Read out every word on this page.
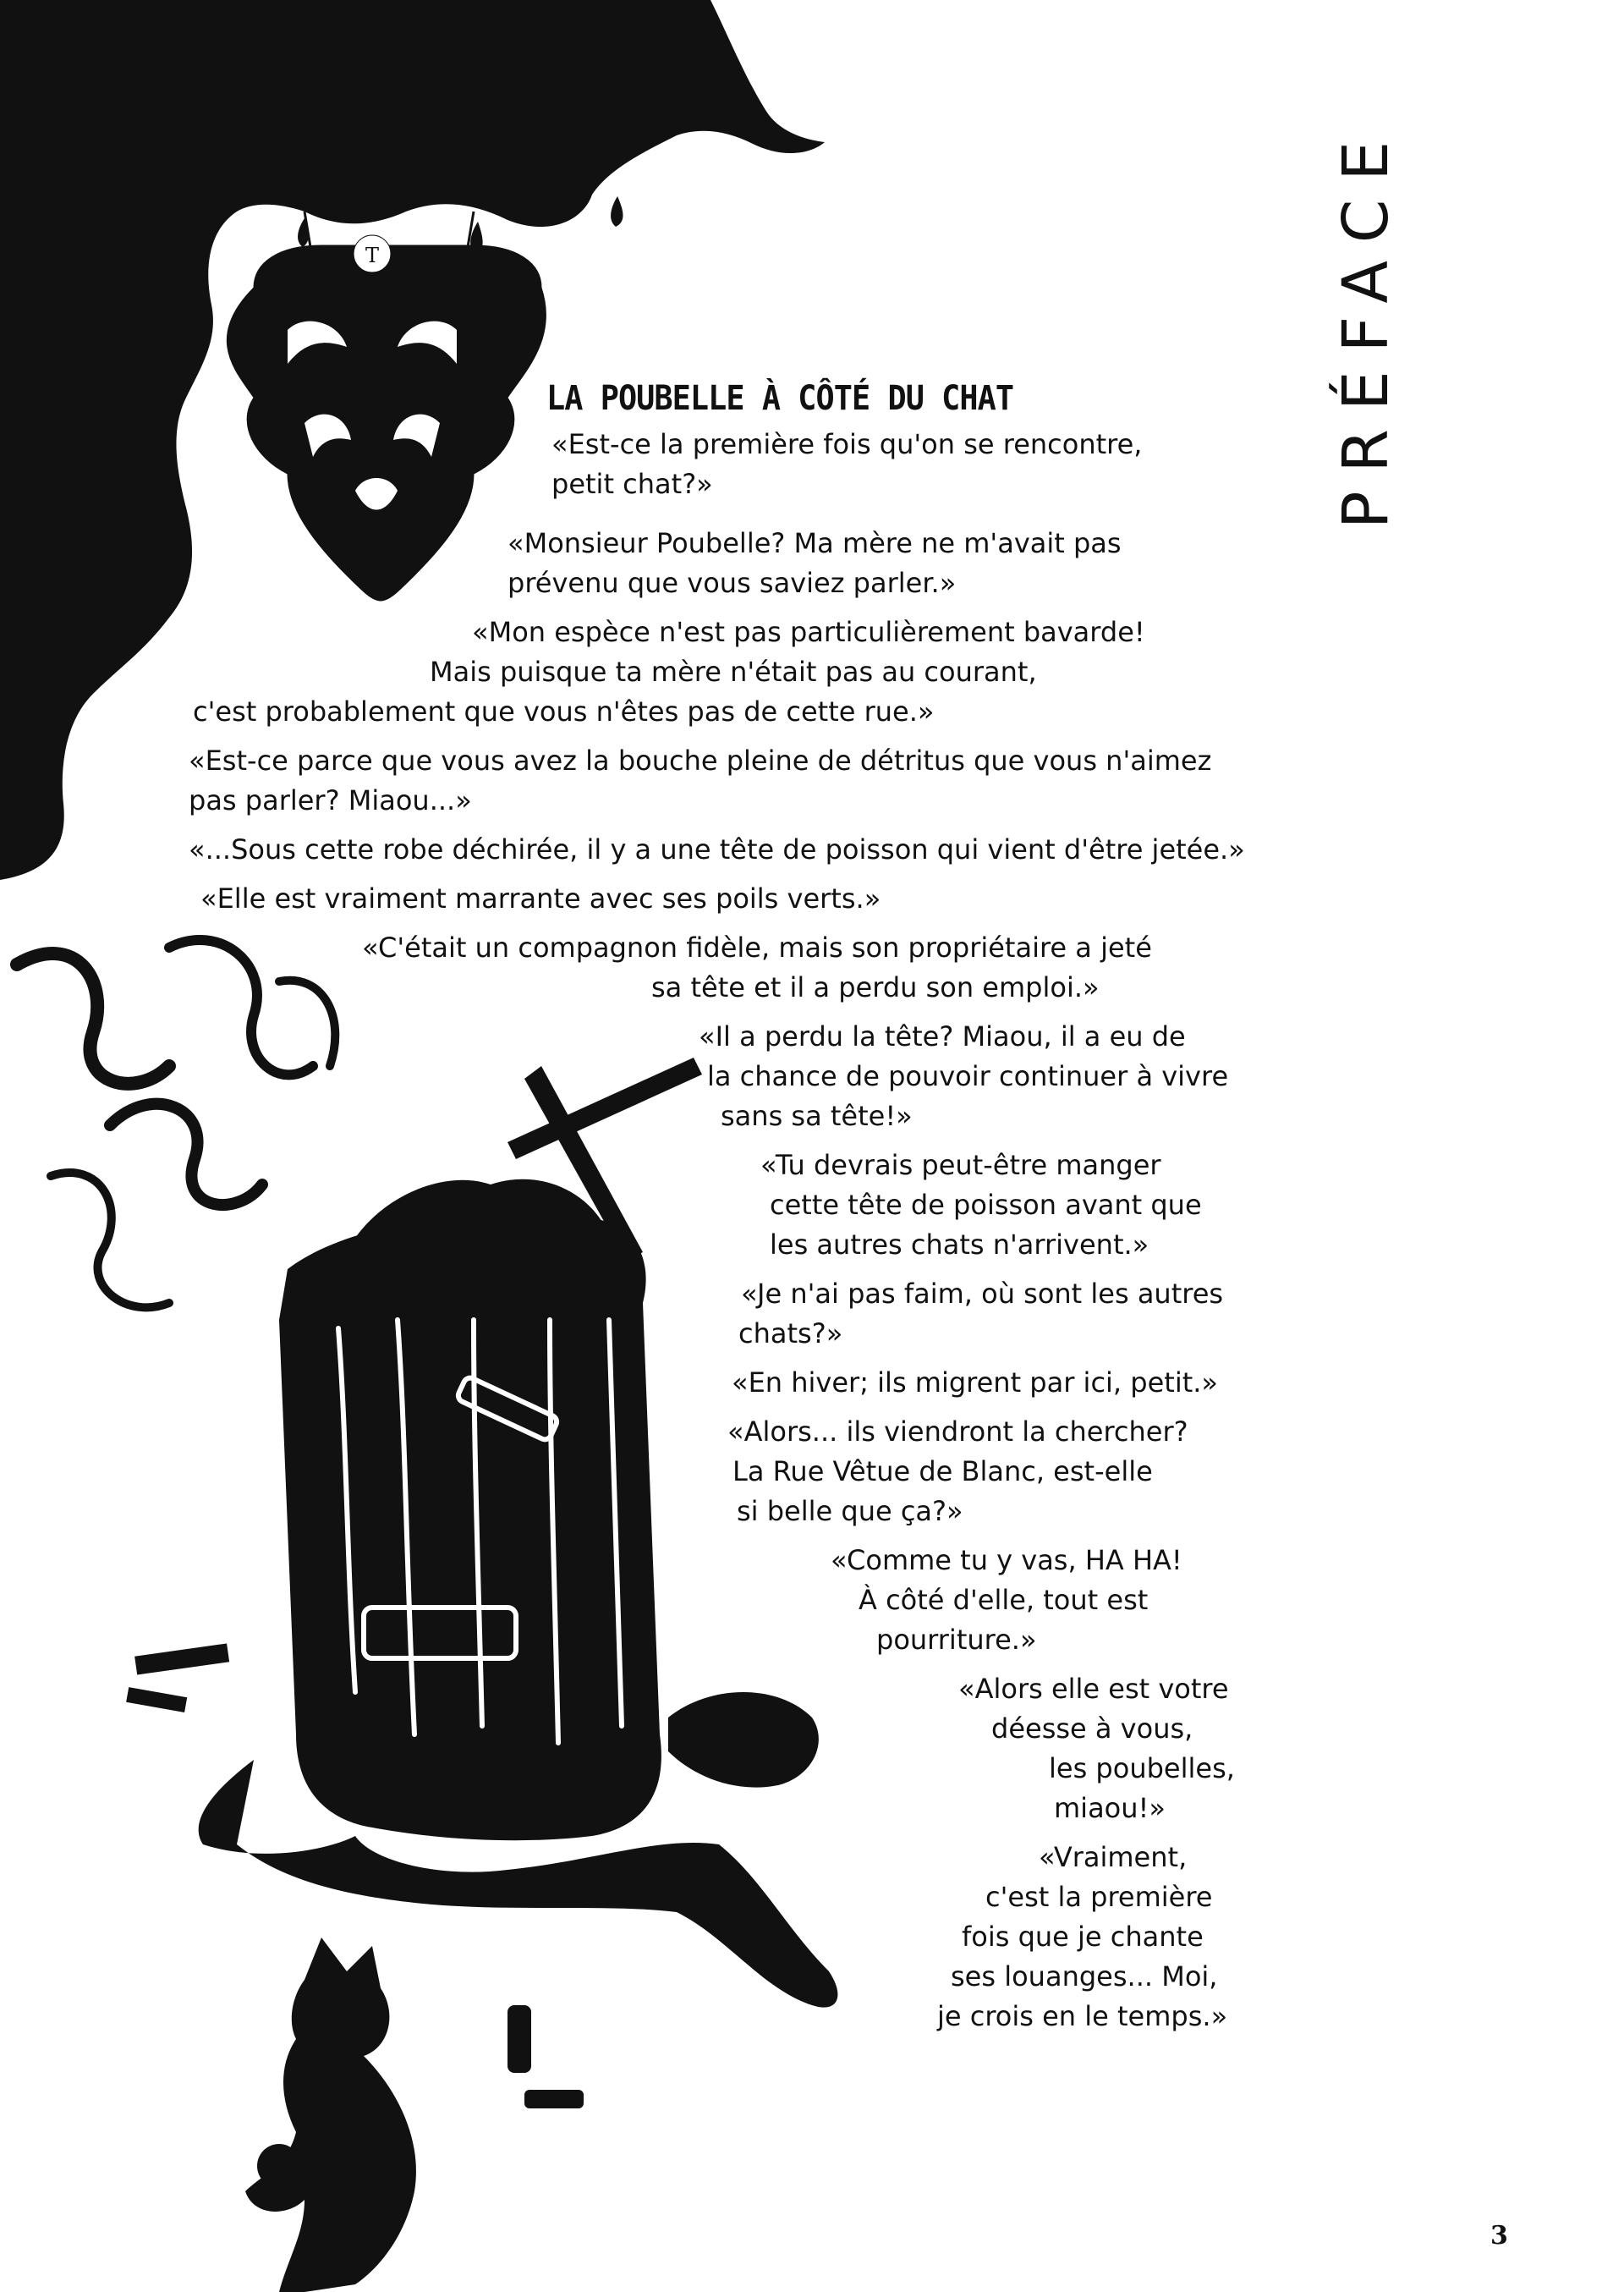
T	PRÉFACE
LA POUBELLE À CÔTÉ DU CHAT

«Est-ce la première fois qu'on se rencontre,

petit chat?»

«Monsieur Poubelle? Ma mère ne m'avait pas

prévenu que vous saviez parler.»

«Mon espèce n'est pas particulièrement bavarde!

Mais puisque ta mère n'était pas au courant,

c'est probablement que vous n'êtes pas de cette rue.»

«Est-ce parce que vous avez la bouche pleine de détritus que vous n'aimez

pas parler? Miaou...»

«...Sous cette robe déchirée, il y a une tête de poisson qui vient d'être jetée.»

«Elle est vraiment marrante avec ses poils verts.»

«C'était un compagnon fidèle, mais son propriétaire a jeté

sa tête et il a perdu son emploi.»

«Il a perdu la tête? Miaou, il a eu de

la chance de pouvoir continuer à vivre

sans sa tête!»

«Tu devrais peut-être manger

cette tête de poisson avant que

les autres chats n'arrivent.»

«Je n'ai pas faim, où sont les autres

chats?»

«En hiver; ils migrent par ici, petit.»

«Alors... ils viendront la chercher?

La Rue Vêtue de Blanc, est-elle

si belle que ça?»

«Comme tu y vas, HA HA!

À côté d'elle, tout est

pourriture.»

«Alors elle est votre

déesse à vous,

les poubelles,

miaou!»

«Vraiment,

c'est la première

fois que je chante

ses louanges... Moi,

je crois en le temps.»

3
